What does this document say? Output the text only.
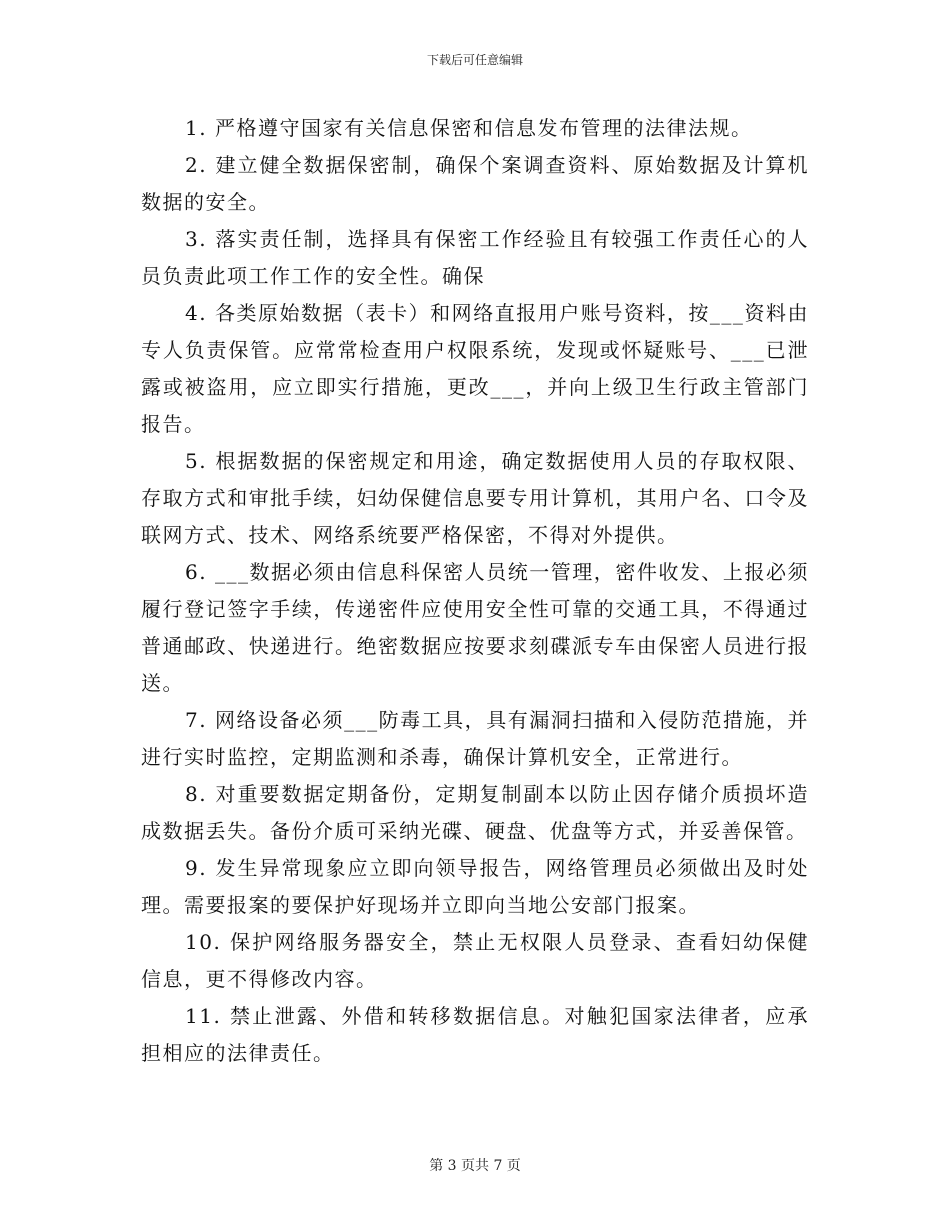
下载后可任意编辑

1. 严格遵守国家有关信息保密和信息发布管理的法律法规。

2. 建立健全数据保密制，确保个案调查资料、原始数据及计算机数据的安全。

3. 落实责任制，选择具有保密工作经验且有较强工作责任心的人员负责此项工作工作的安全性。确保

4. 各类原始数据（表卡）和网络直报用户账号资料，按___资料由专人负责保管。应常常检查用户权限系统，发现或怀疑账号、___已泄露或被盗用，应立即实行措施，更改___，并向上级卫生行政主管部门报告。

5. 根据数据的保密规定和用途，确定数据使用人员的存取权限、存取方式和审批手续，妇幼保健信息要专用计算机，其用户名、口令及联网方式、技术、网络系统要严格保密，不得对外提供。

6. ___数据必须由信息科保密人员统一管理，密件收发、上报必须履行登记签字手续，传递密件应使用安全性可靠的交通工具，不得通过普通邮政、快递进行。绝密数据应按要求刻碟派专车由保密人员进行报送。

7. 网络设备必须___防毒工具，具有漏洞扫描和入侵防范措施，并进行实时监控，定期监测和杀毒，确保计算机安全，正常进行。

8. 对重要数据定期备份，定期复制副本以防止因存储介质损坏造成数据丢失。备份介质可采纳光碟、硬盘、优盘等方式，并妥善保管。

9. 发生异常现象应立即向领导报告，网络管理员必须做出及时处理。需要报案的要保护好现场并立即向当地公安部门报案。

10. 保护网络服务器安全，禁止无权限人员登录、查看妇幼保健信息，更不得修改内容。

11. 禁止泄露、外借和转移数据信息。对触犯国家法律者，应承担相应的法律责任。

第 3 页共 7 页
